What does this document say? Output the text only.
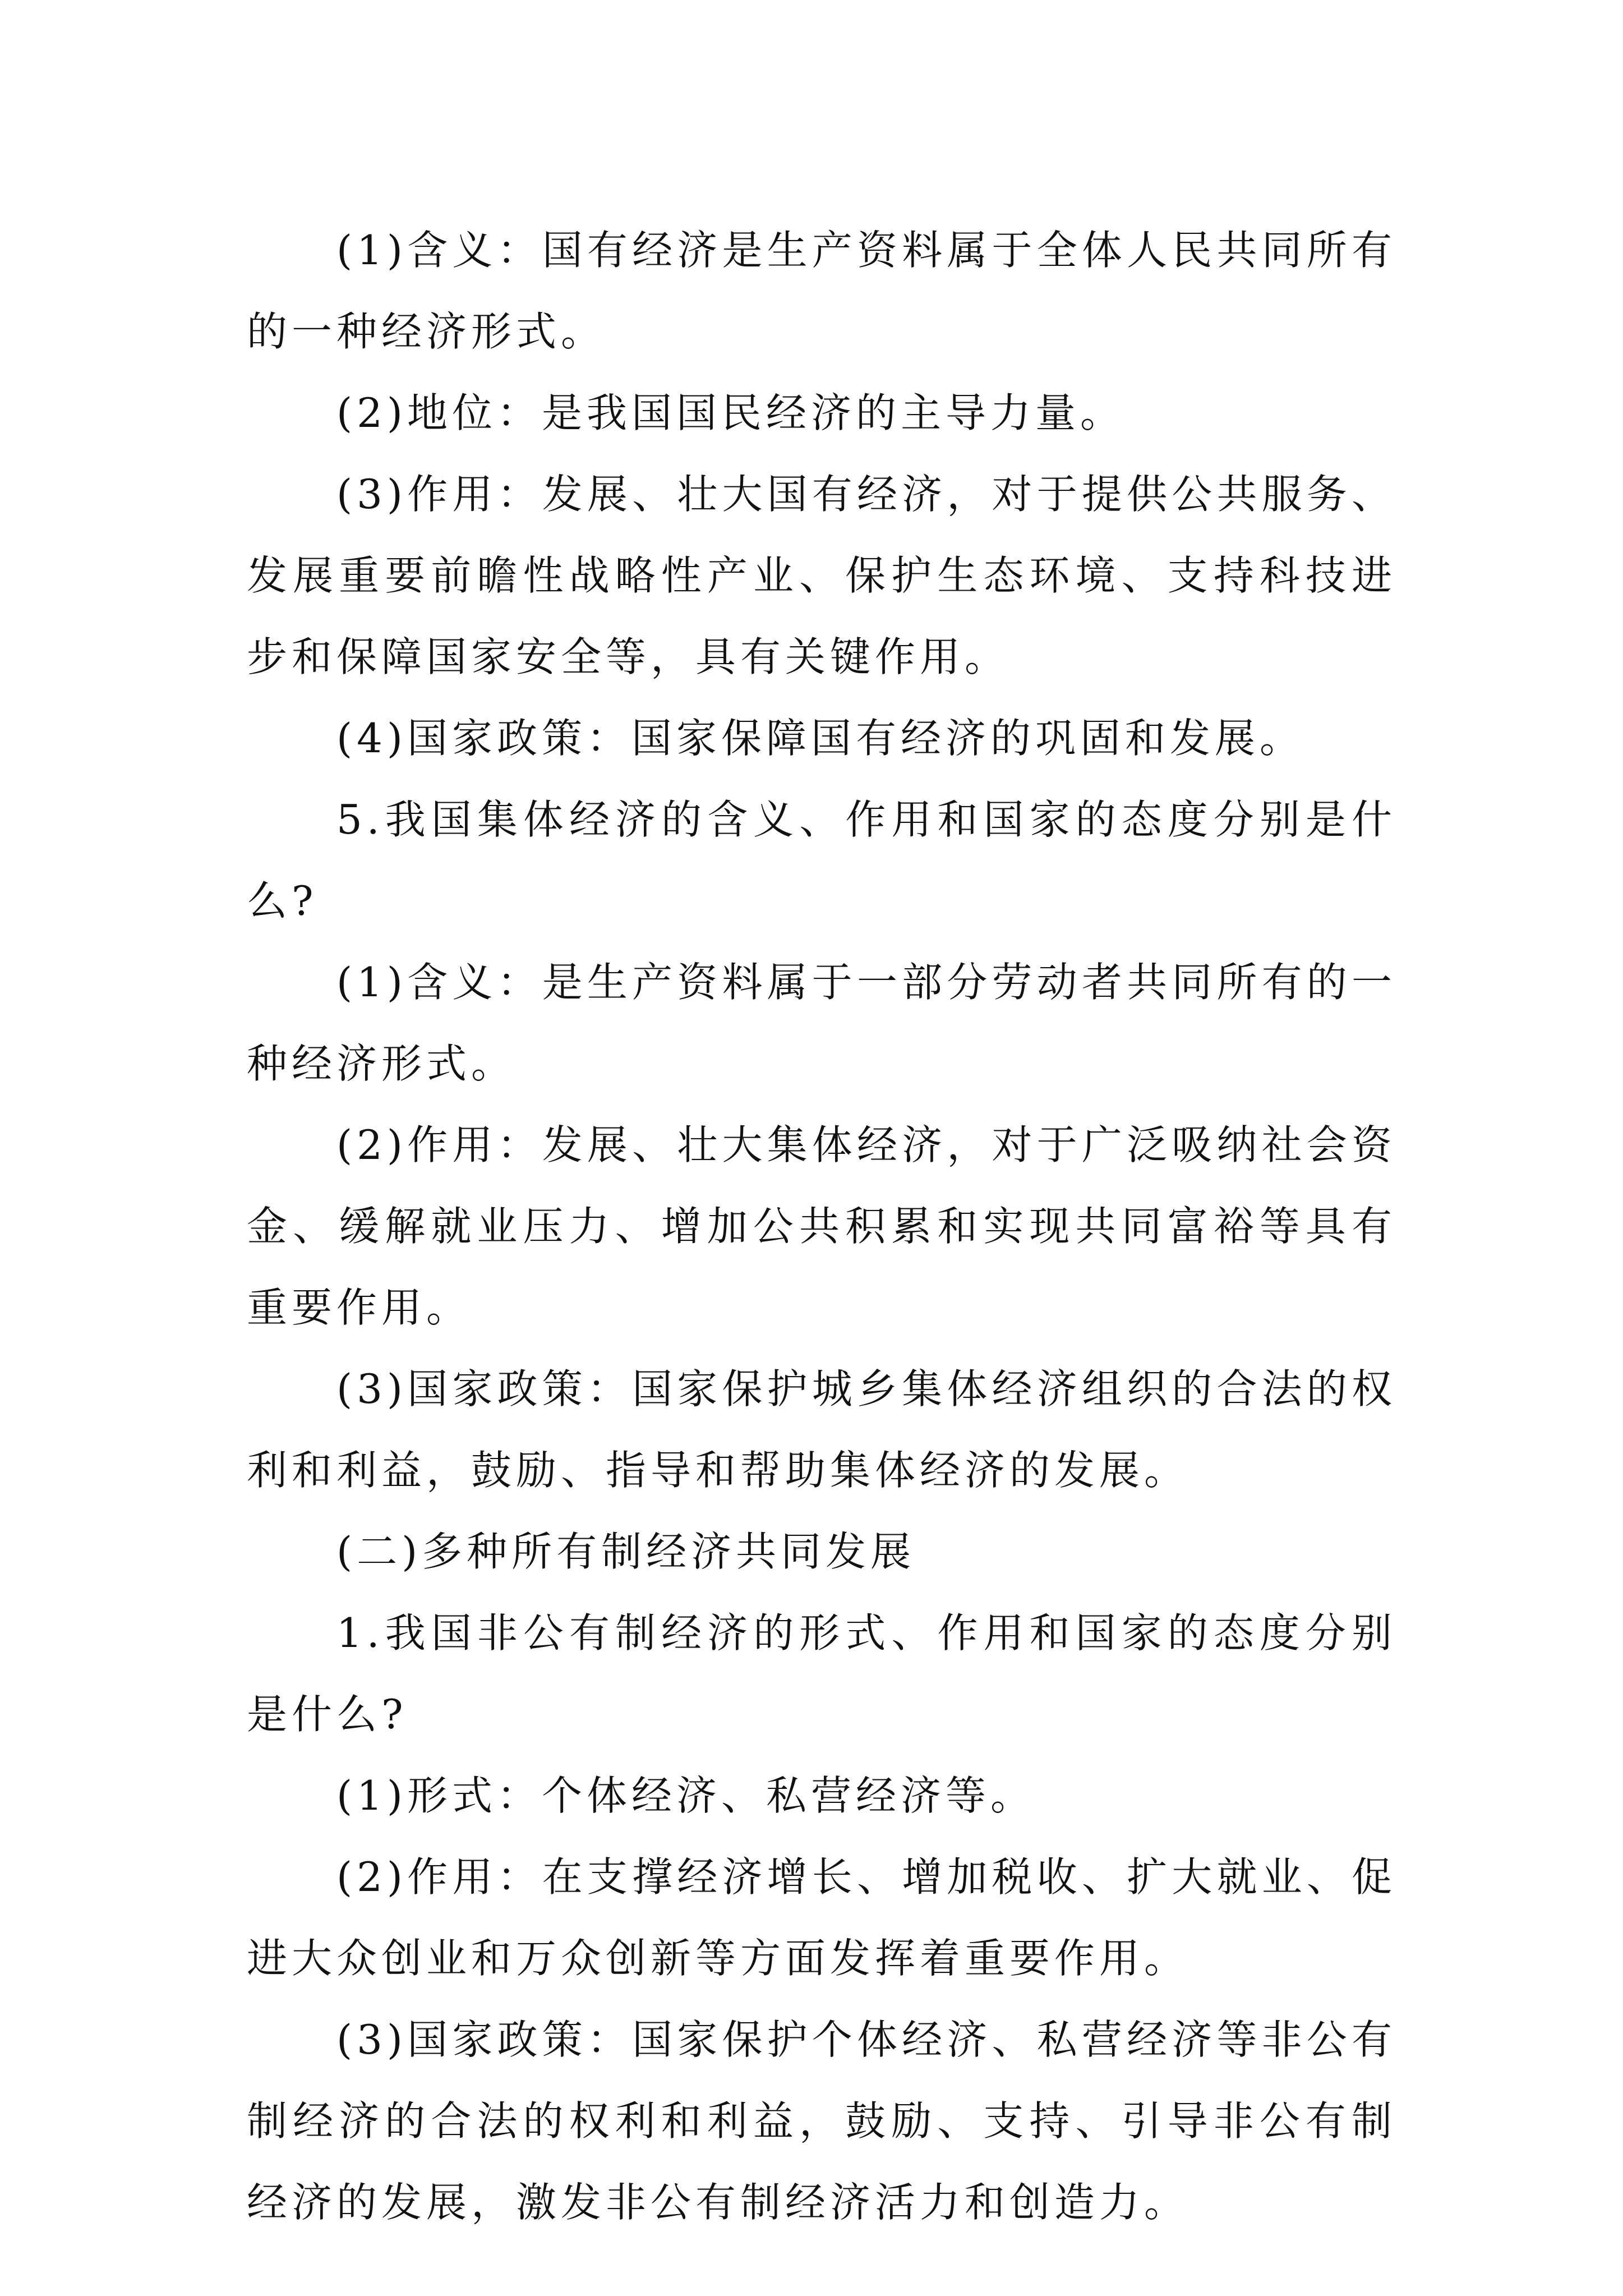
(1)含义：国有经济是生产资料属于全体人民共同所有的一种经济形式。

(2)地位：是我国国民经济的主导力量。

(3)作用：发展、壮大国有经济，对于提供公共服务、发展重要前瞻性战略性产业、保护生态环境、支持科技进步和保障国家安全等，具有关键作用。

(4)国家政策：国家保障国有经济的巩固和发展。

5.我国集体经济的含义、作用和国家的态度分别是什么?

(1)含义：是生产资料属于一部分劳动者共同所有的一种经济形式。

(2)作用：发展、壮大集体经济，对于广泛吸纳社会资金、缓解就业压力、增加公共积累和实现共同富裕等具有重要作用。

(3)国家政策：国家保护城乡集体经济组织的合法的权利和利益，鼓励、指导和帮助集体经济的发展。

(二)多种所有制经济共同发展

1.我国非公有制经济的形式、作用和国家的态度分别是什么?

(1)形式：个体经济、私营经济等。

(2)作用：在支撑经济增长、增加税收、扩大就业、促进大众创业和万众创新等方面发挥着重要作用。

(3)国家政策：国家保护个体经济、私营经济等非公有制经济的合法的权利和利益，鼓励、支持、引导非公有制经济的发展，激发非公有制经济活力和创造力。
